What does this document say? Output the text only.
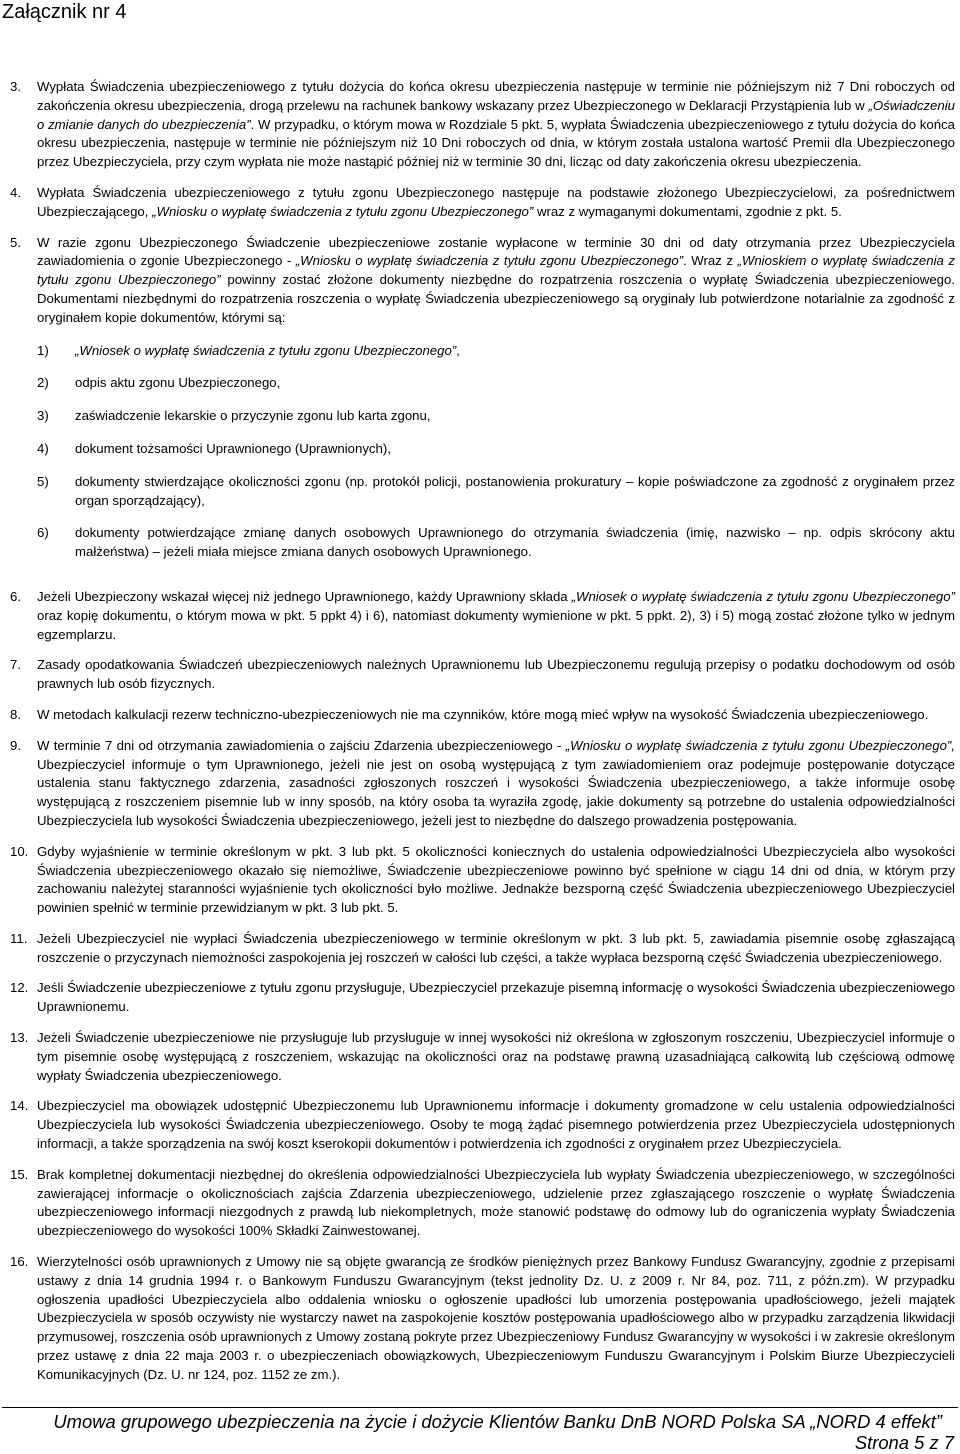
Załącznik nr 4
3.	Wypłata Świadczenia ubezpieczeniowego z tytułu dożycia do końca okresu ubezpieczenia następuje w terminie nie późniejszym niż 7 Dni roboczych od zakończenia okresu ubezpieczenia, drogą przelewu na rachunek bankowy wskazany przez Ubezpieczonego w Deklaracji Przystąpienia lub w „Oświadczeniu o zmianie danych do ubezpieczenia”. W przypadku, o którym mowa w Rozdziale 5 pkt. 5, wypłata Świadczenia ubezpieczeniowego z tytułu dożycia do końca okresu ubezpieczenia, następuje w terminie nie późniejszym niż 10 Dni roboczych od dnia, w którym została ustalona wartość Premii dla Ubezpieczonego przez Ubezpieczyciela, przy czym wypłata nie może nastąpić później niż w terminie 30 dni, licząc od daty zakończenia okresu ubezpieczenia.
4.	Wypłata Świadczenia ubezpieczeniowego z tytułu zgonu Ubezpieczonego następuje na podstawie złożonego Ubezpieczycielowi, za pośrednictwem Ubezpieczającego, „Wniosku o wypłatę świadczenia z tytułu zgonu Ubezpieczonego” wraz z wymaganymi dokumentami, zgodnie z pkt. 5.
5.	W razie zgonu Ubezpieczonego Świadczenie ubezpieczeniowe zostanie wypłacone w terminie 30 dni od daty otrzymania przez Ubezpieczyciela zawiadomienia o zgonie Ubezpieczonego - „Wniosku o wypłatę świadczenia z tytułu zgonu Ubezpieczonego”. Wraz z „Wnioskiem o wypłatę świadczenia z tytułu zgonu Ubezpieczonego” powinny zostać złożone dokumenty niezbędne do rozpatrzenia roszczenia o wypłatę Świadczenia ubezpieczeniowego. Dokumentami niezbędnymi do rozpatrzenia roszczenia o wypłatę Świadczenia ubezpieczeniowego są oryginały lub potwierdzone notarialnie za zgodność z oryginałem kopie dokumentów, którymi są:
1)	„Wniosek o wypłatę świadczenia z tytułu zgonu Ubezpieczonego”,
2)	odpis aktu zgonu Ubezpieczonego,
3)	zaświadczenie lekarskie o przyczynie zgonu lub karta zgonu,
4)	dokument tożsamości Uprawnionego (Uprawnionych),
5)	dokumenty stwierdzające okoliczności zgonu (np. protokół policji, postanowienia prokuratury – kopie poświadczone za zgodność z oryginałem przez organ sporządzający),
6)	dokumenty potwierdzające zmianę danych osobowych Uprawnionego do otrzymania świadczenia (imię, nazwisko – np. odpis skrócony aktu małżeństwa) – jeżeli miała miejsce zmiana danych osobowych Uprawnionego.
6.	Jeżeli Ubezpieczony wskazał więcej niż jednego Uprawnionego, każdy Uprawniony składa „Wniosek o wypłatę świadczenia z tytułu zgonu Ubezpieczonego” oraz kopię dokumentu, o którym mowa w pkt. 5 ppkt 4) i 6), natomiast dokumenty wymienione w pkt. 5 ppkt. 2), 3) i 5) mogą zostać złożone tylko w jednym egzemplarzu.
7.	Zasady opodatkowania Świadczeń ubezpieczeniowych należnych Uprawnionemu lub Ubezpieczonemu regulują przepisy o podatku dochodowym od osób prawnych lub osób fizycznych.
8.	W metodach kalkulacji rezerw techniczno-ubezpieczeniowych nie ma czynników, które mogą mieć wpływ na wysokość Świadczenia ubezpieczeniowego.
9.	W terminie 7 dni od otrzymania zawiadomienia o zajściu Zdarzenia ubezpieczeniowego - „Wniosku o wypłatę świadczenia z tytułu zgonu Ubezpieczonego”, Ubezpieczyciel informuje o tym Uprawnionego, jeżeli nie jest on osobą występującą z tym zawiadomieniem oraz podejmuje postępowanie dotyczące ustalenia stanu faktycznego zdarzenia, zasadności zgłoszonych roszczeń i wysokości Świadczenia ubezpieczeniowego, a także informuje osobę występującą z roszczeniem pisemnie lub w inny sposób, na który osoba ta wyraziła zgodę, jakie dokumenty są potrzebne do ustalenia odpowiedzialności Ubezpieczyciela lub wysokości Świadczenia ubezpieczeniowego, jeżeli jest to niezbędne do dalszego prowadzenia postępowania.
10. Gdyby wyjaśnienie w terminie określonym w pkt. 3 lub pkt. 5 okoliczności koniecznych do ustalenia odpowiedzialności Ubezpieczyciela albo wysokości Świadczenia ubezpieczeniowego okazało się niemożliwe, Świadczenie ubezpieczeniowe powinno być spełnione w ciągu 14 dni od dnia, w którym przy zachowaniu należytej staranności wyjaśnienie tych okoliczności było możliwe. Jednakże bezsporną część Świadczenia ubezpieczeniowego Ubezpieczyciel powinien spełnić w terminie przewidzianym w pkt. 3 lub pkt. 5.
11. Jeżeli Ubezpieczyciel nie wypłaci Świadczenia ubezpieczeniowego w terminie określonym w pkt. 3 lub pkt. 5, zawiadamia pisemnie osobę zgłaszającą roszczenie o przyczynach niemożności zaspokojenia jej roszczeń w całości lub części, a także wypłaca bezsporną część Świadczenia ubezpieczeniowego.
12. Jeśli Świadczenie ubezpieczeniowe z tytułu zgonu przysługuje, Ubezpieczyciel przekazuje pisemną informację o wysokości Świadczenia ubezpieczeniowego Uprawnionemu.
13. Jeżeli Świadczenie ubezpieczeniowe nie przysługuje lub przysługuje w innej wysokości niż określona w zgłoszonym roszczeniu, Ubezpieczyciel informuje o tym pisemnie osobę występującą z roszczeniem, wskazując na okoliczności oraz na podstawę prawną uzasadniającą całkowitą lub częściową odmowę wypłaty Świadczenia ubezpieczeniowego.
14. Ubezpieczyciel ma obowiązek udostępnić Ubezpieczonemu lub Uprawnionemu informacje i dokumenty gromadzone w celu ustalenia odpowiedzialności Ubezpieczyciela lub wysokości Świadczenia ubezpieczeniowego. Osoby te mogą żądać pisemnego potwierdzenia przez Ubezpieczyciela udostępnionych informacji, a także sporządzenia na swój koszt kserokopii dokumentów i potwierdzenia ich zgodności z oryginałem przez Ubezpieczyciela.
15. Brak kompletnej dokumentacji niezbędnej do określenia odpowiedzialności Ubezpieczyciela lub wypłaty Świadczenia ubezpieczeniowego, w szczególności zawierającej informacje o okolicznościach zajścia Zdarzenia ubezpieczeniowego, udzielenie przez zgłaszającego roszczenie o wypłatę Świadczenia ubezpieczeniowego informacji niezgodnych z prawdą lub niekompletnych, może stanowić podstawę do odmowy lub do ograniczenia wypłaty Świadczenia ubezpieczeniowego do wysokości 100% Składki Zainwestowanej.
16. Wierzytelności osób uprawnionych z Umowy nie są objęte gwarancją ze środków pieniężnych przez Bankowy Fundusz Gwarancyjny, zgodnie z przepisami ustawy z dnia 14 grudnia 1994 r. o Bankowym Funduszu Gwarancyjnym (tekst jednolity Dz. U. z 2009 r. Nr 84, poz. 711, z późn.zm). W przypadku ogłoszenia upadłości Ubezpieczyciela albo oddalenia wniosku o ogłoszenie upadłości lub umorzenia postępowania upadłościowego, jeżeli majątek Ubezpieczyciela w sposób oczywisty nie wystarczy nawet na zaspokojenie kosztów postępowania upadłościowego albo w przypadku zarządzenia likwidacji przymusowej, roszczenia osób uprawnionych z Umowy zostaną pokryte przez Ubezpieczeniowy Fundusz Gwarancyjny w wysokości i w zakresie określonym przez ustawę z dnia 22 maja 2003 r. o ubezpieczeniach obowiązkowych, Ubezpieczeniowym Funduszu Gwarancyjnym i Polskim Biurze Ubezpieczycieli Komunikacyjnych (Dz. U. nr 124, poz. 1152 ze zm.).
Umowa grupowego ubezpieczenia na życie i dożycie Klientów Banku DnB NORD Polska SA „NORD 4 effekt”
Strona 5 z 7
